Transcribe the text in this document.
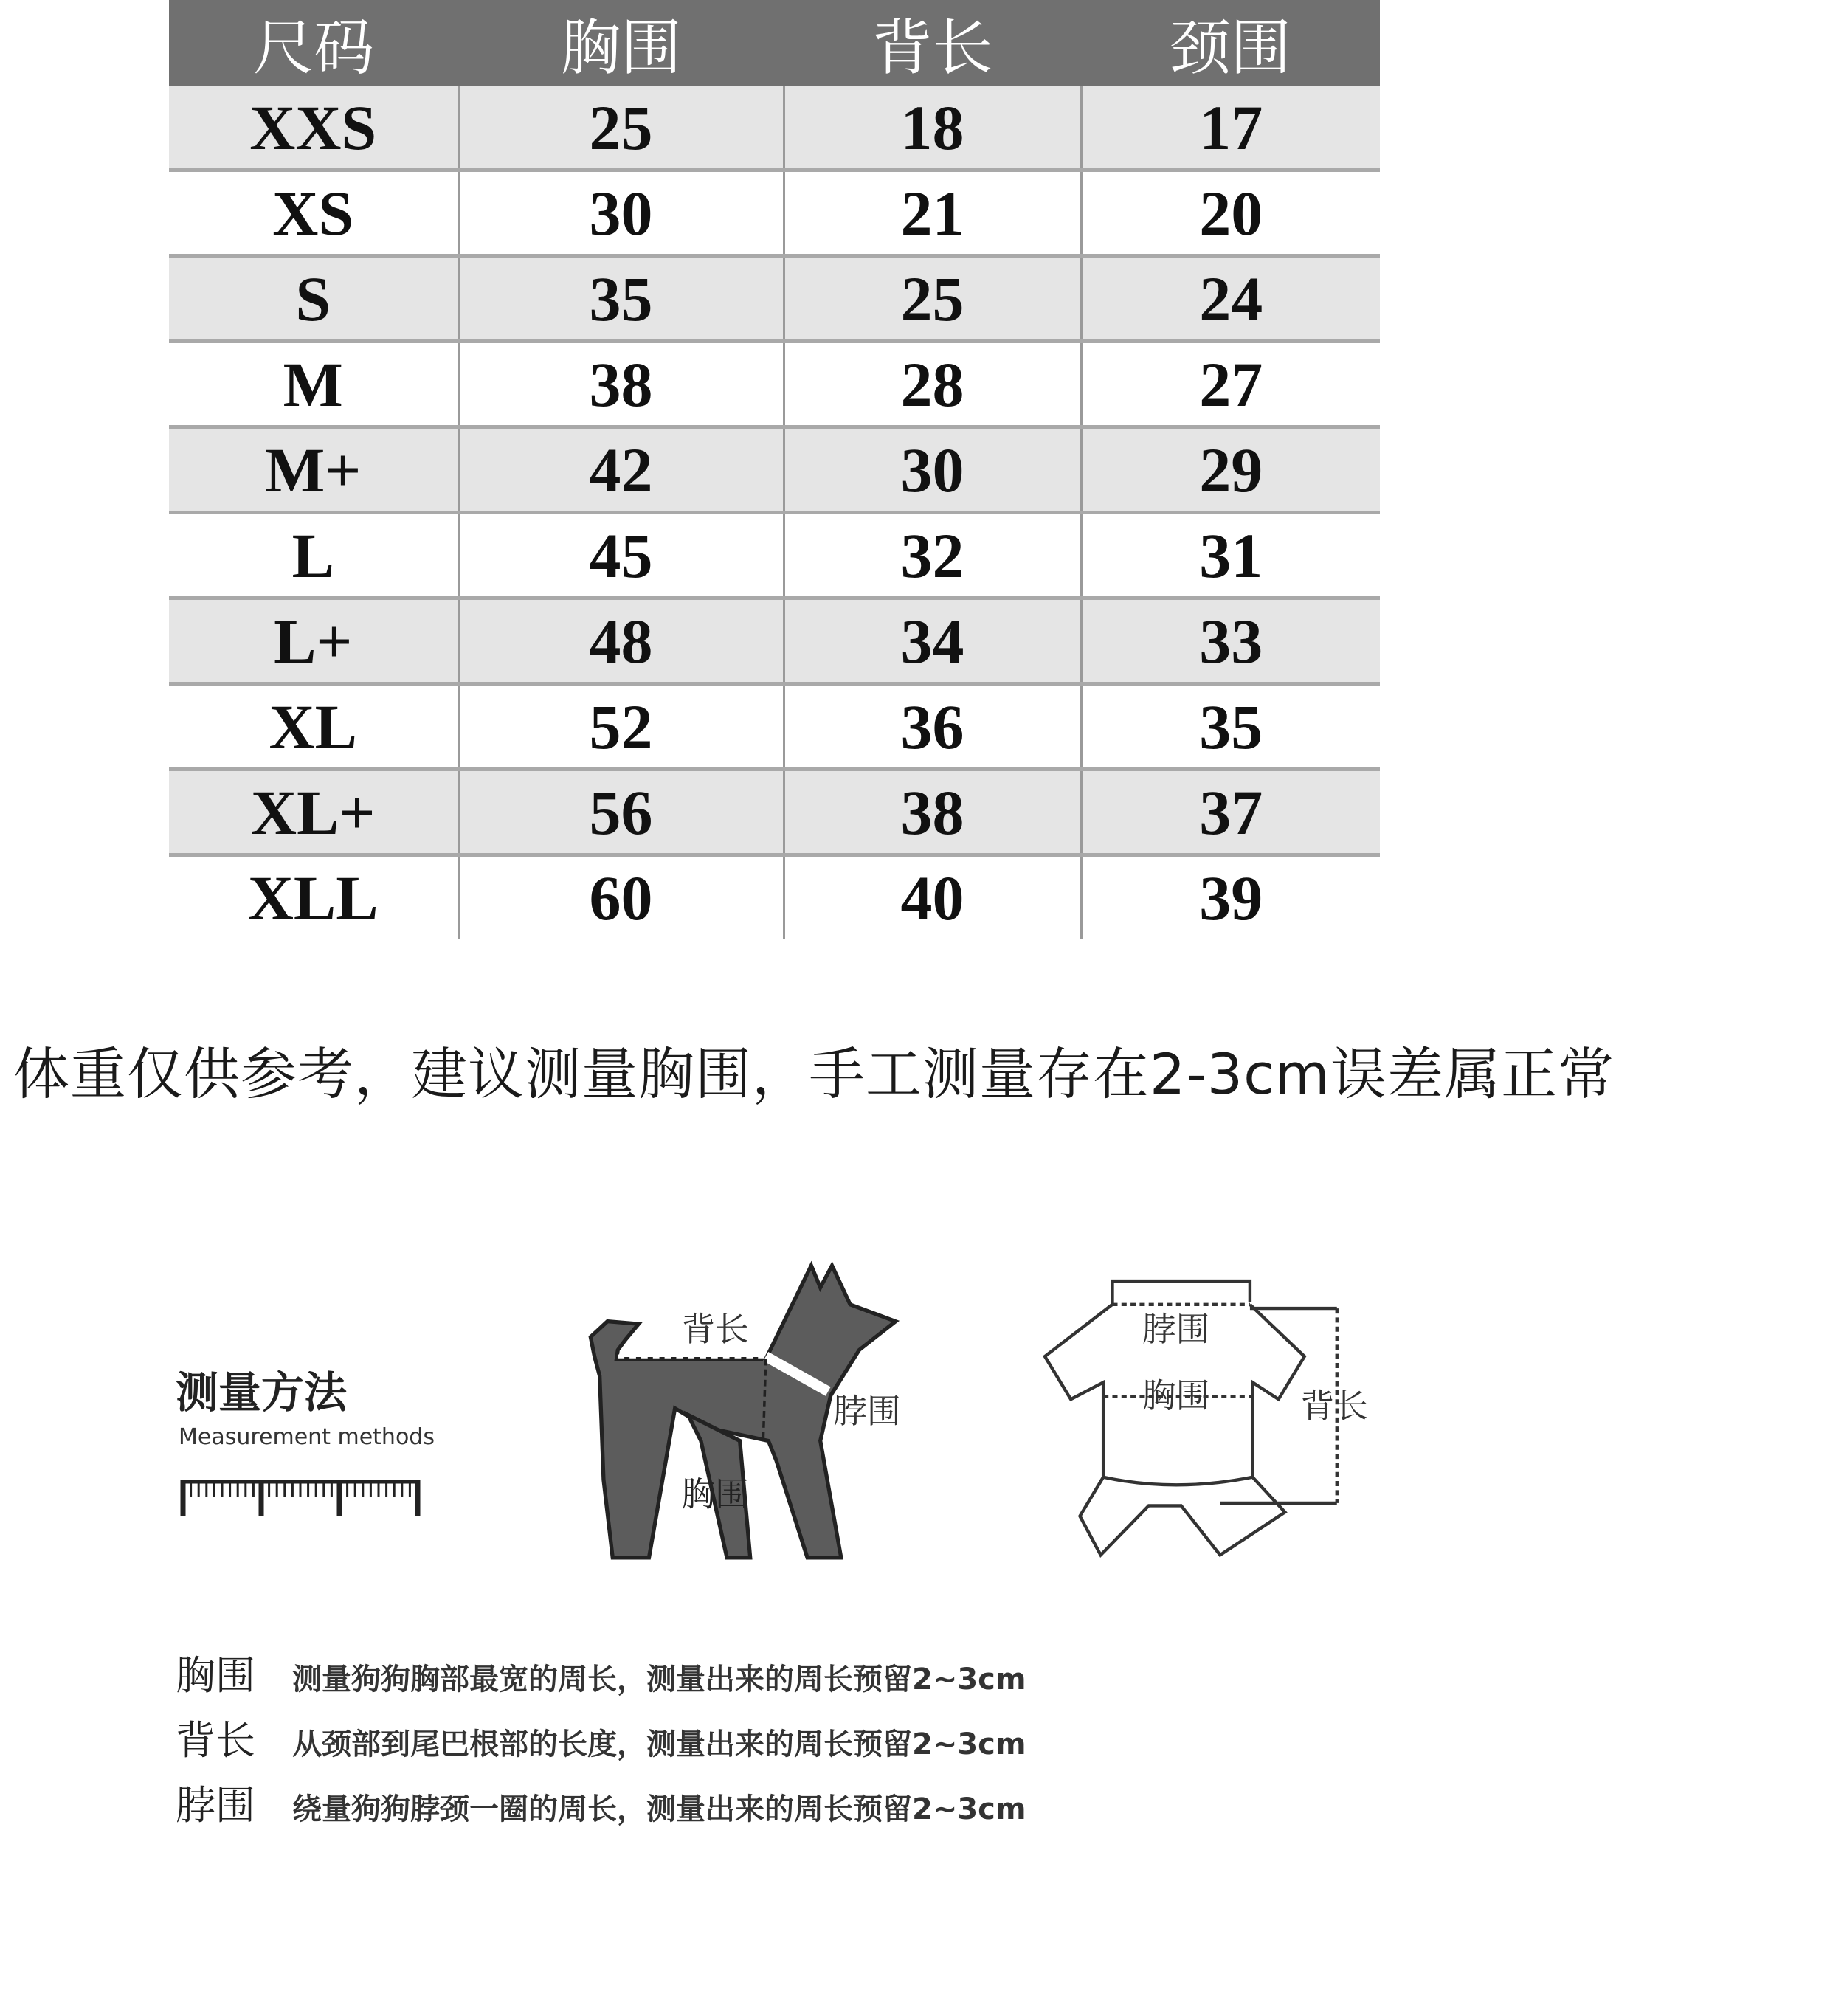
尺码	胸围	背长	颈围
XXS	25	18	17
XS	30	21	20
S	35	25	24
M	38	28	27
M+	42	30	29
L	45	32	31
L+	48	34	33
XL	52	36	35
XL+	56	38	37
XLL	60	40	39
体重仅供参考，建议测量胸围，手工测量存在2-3cm误差属正常
测量方法
Measurement methods
背长
脖围
胸围
脖围
胸围	背长
胸围 测量狗狗胸部最宽的周长，测量出来的周长预留2~3cm
背长 从颈部到尾巴根部的长度，测量出来的周长预留2~3cm
脖围 绕量狗狗脖颈一圈的周长，测量出来的周长预留2~3cm
